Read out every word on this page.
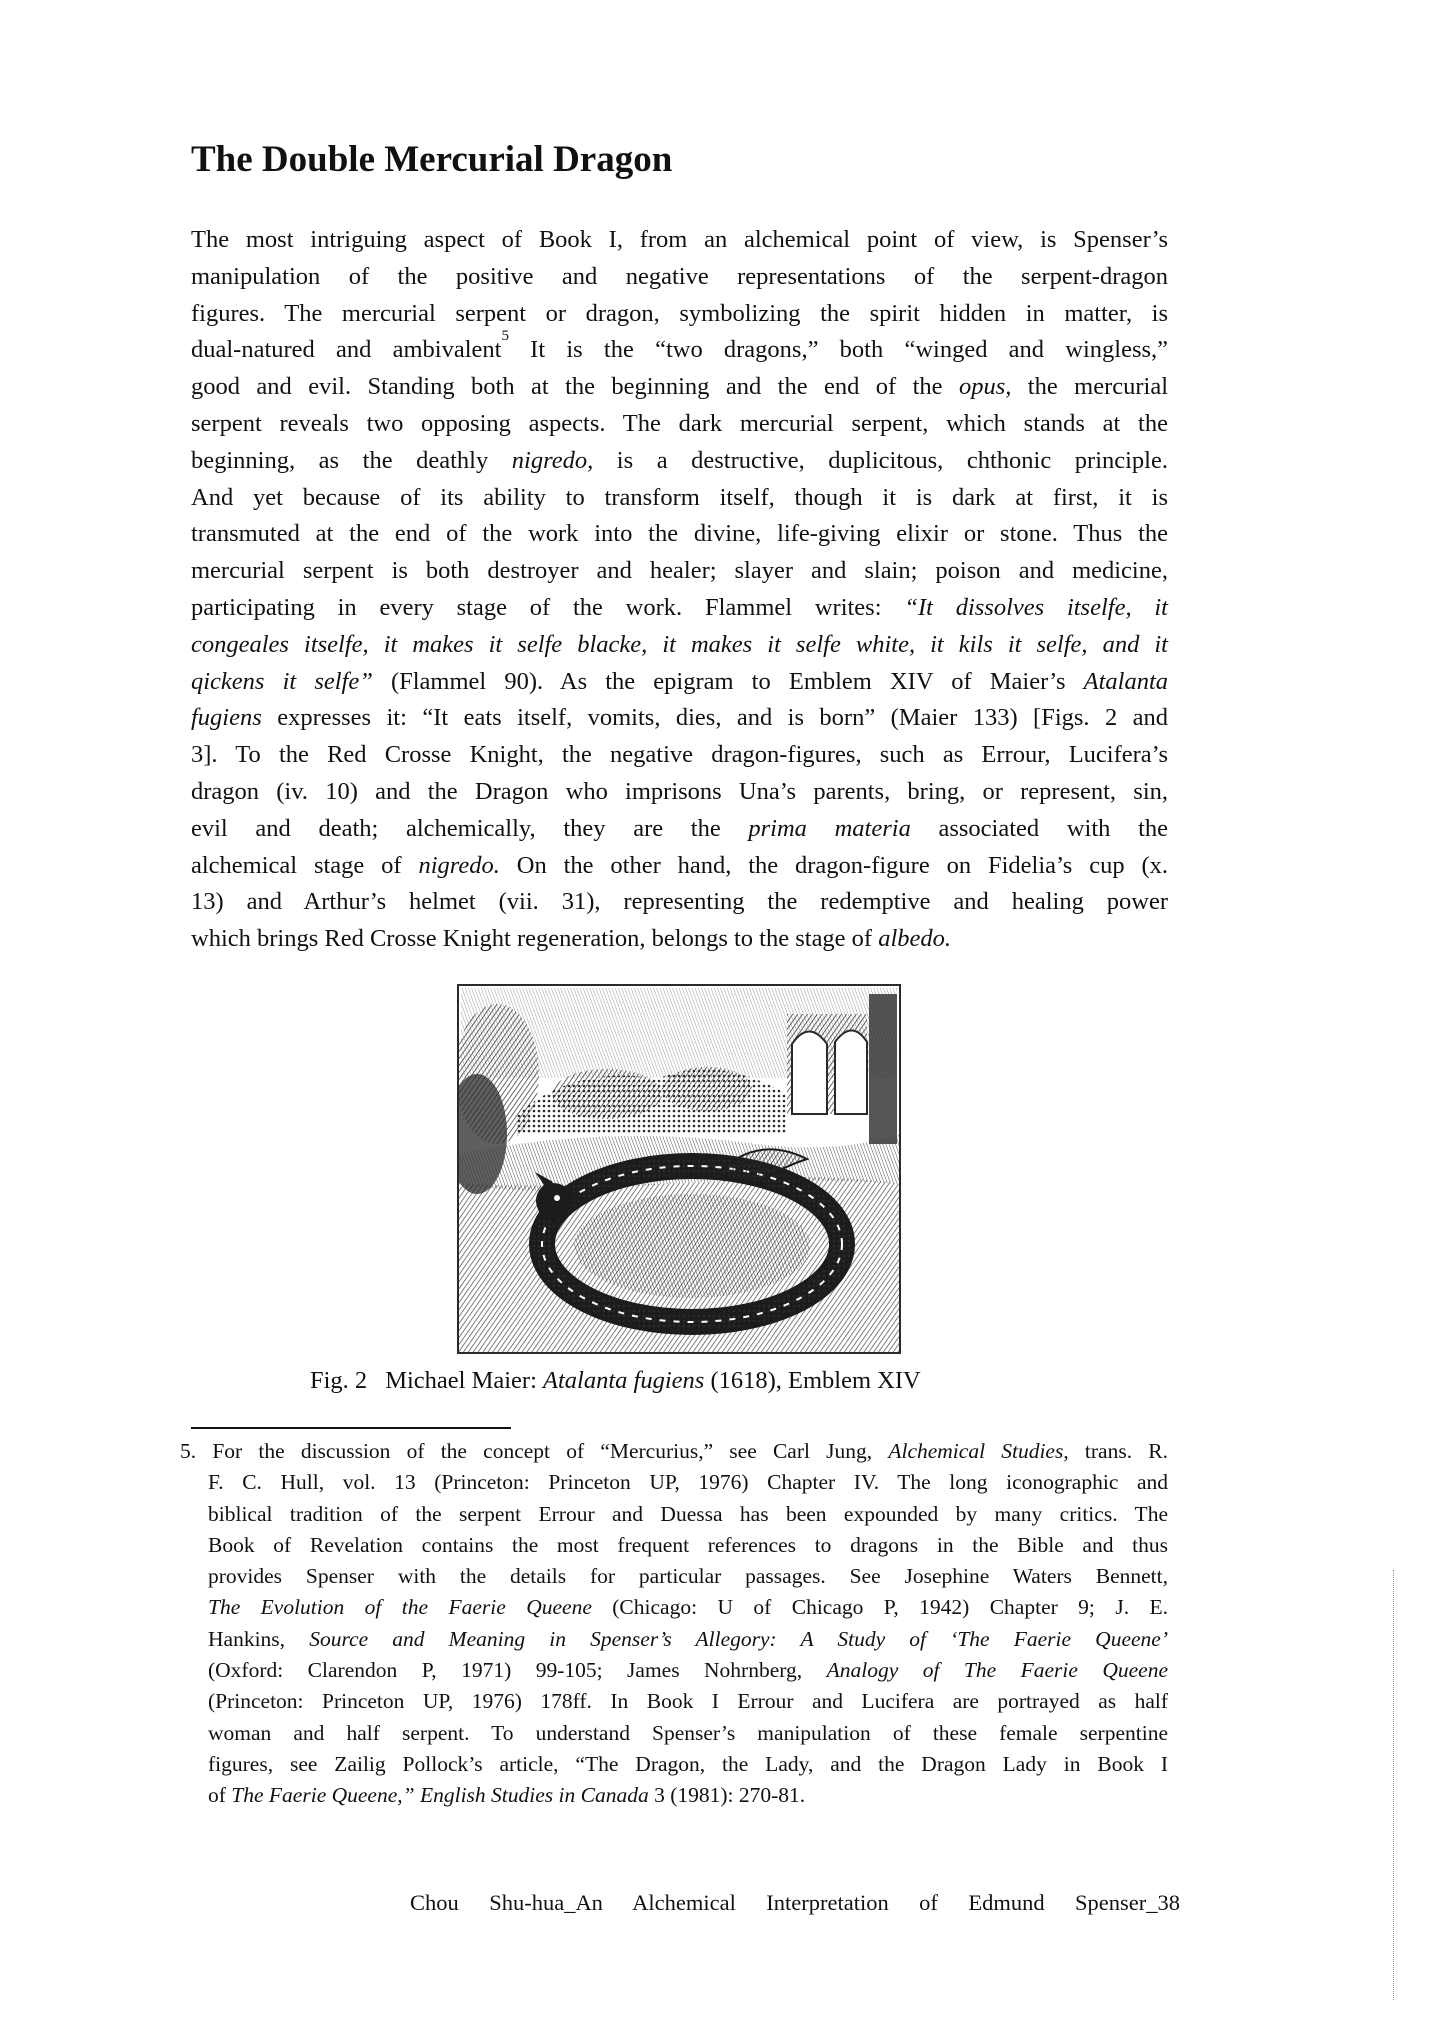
The Double Mercurial Dragon
The most intriguing aspect of Book I, from an alchemical point of view, is Spenser’s
manipulation of the positive and negative representations of the serpent-dragon
figures. The mercurial serpent or dragon, symbolizing the spirit hidden in matter, is
dual-natured and ambivalent$^5$ It is the “two dragons,” both “winged and wingless,”
good and evil. Standing both at the beginning and the end of the opus, the mercurial
serpent reveals two opposing aspects. The dark mercurial serpent, which stands at the
beginning, as the deathly nigredo, is a destructive, duplicitous, chthonic principle.
And yet because of its ability to transform itself, though it is dark at first, it is
transmuted at the end of the work into the divine, life-giving elixir or stone. Thus the
mercurial serpent is both destroyer and healer; slayer and slain; poison and medicine,
participating in every stage of the work. Flammel writes: “It dissolves itselfe, it
congeales itselfe, it makes it selfe blacke, it makes it selfe white, it kils it selfe, and it
qickens it selfe” (Flammel 90). As the epigram to Emblem XIV of Maier’s Atalanta
fugiens expresses it: “It eats itself, vomits, dies, and is born” (Maier 133) [Figs. 2 and
3]. To the Red Crosse Knight, the negative dragon-figures, such as Errour, Lucifera’s
dragon (iv. 10) and the Dragon who imprisons Una’s parents, bring, or represent, sin,
evil and death; alchemically, they are the prima materia associated with the
alchemical stage of nigredo. On the other hand, the dragon-figure on Fidelia’s cup (x.
13) and Arthur’s helmet (vii. 31), representing the redemptive and healing power
which brings Red Crosse Knight regeneration, belongs to the stage of albedo.
Fig. 2 Michael Maier: Atalanta fugiens (1618), Emblem XIV
5. For the discussion of the concept of “Mercurius,” see Carl Jung, Alchemical Studies, trans. R.
F. C. Hull, vol. 13 (Princeton: Princeton UP, 1976) Chapter IV. The long iconographic and
biblical tradition of the serpent Errour and Duessa has been expounded by many critics. The
Book of Revelation contains the most frequent references to dragons in the Bible and thus
provides Spenser with the details for particular passages. See Josephine Waters Bennett,
The Evolution of the Faerie Queene (Chicago: U of Chicago P, 1942) Chapter 9; J. E.
Hankins, Source and Meaning in Spenser’s Allegory: A Study of ‘The Faerie Queene’
(Oxford: Clarendon P, 1971) 99-105; James Nohrnberg, Analogy of The Faerie Queene
(Princeton: Princeton UP, 1976) 178ff. In Book I Errour and Lucifera are portrayed as half
woman and half serpent. To understand Spenser’s manipulation of these female serpentine
figures, see Zailig Pollock’s article, “The Dragon, the Lady, and the Dragon Lady in Book I
of The Faerie Queene,” English Studies in Canada 3 (1981): 270-81.
Chou Shu-hua_An Alchemical Interpretation of Edmund Spenser_38
